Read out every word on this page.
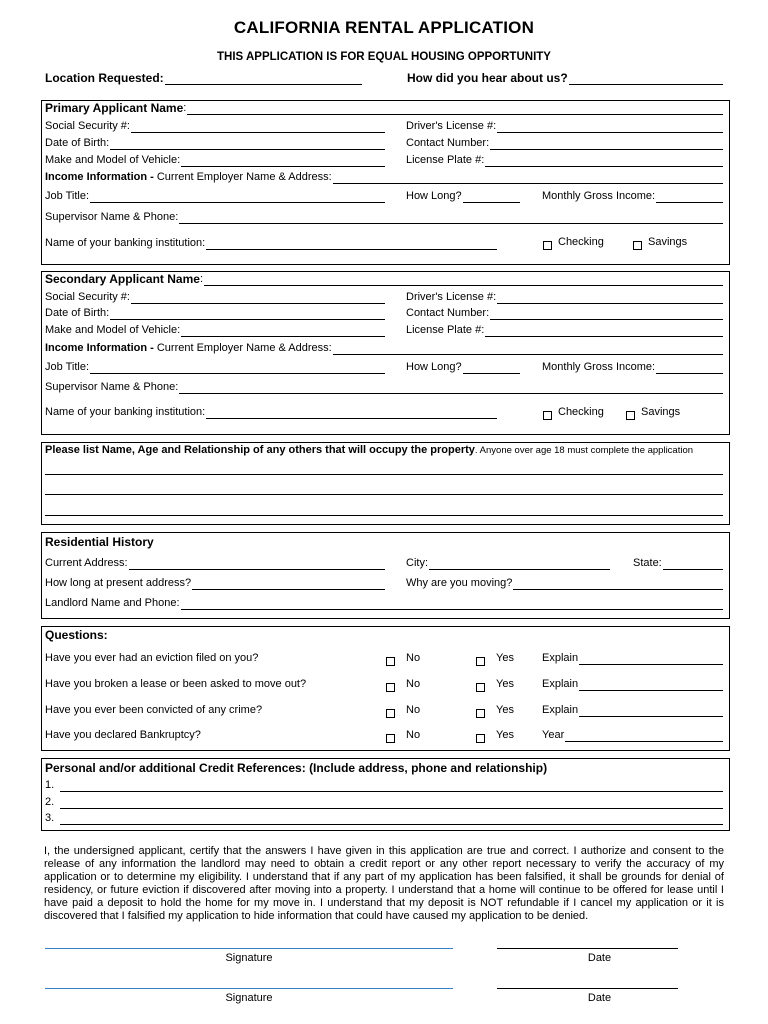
CALIFORNIA RENTAL APPLICATION
THIS APPLICATION IS FOR EQUAL HOUSING OPPORTUNITY
Location Requested:	How did you hear about us?
Primary Applicant Name :
Social Security #:	Driver's License #:
Date of Birth:	Contact Number:
Make and Model of Vehicle:	License Plate #:
Income Information -
Current Employer Name & Address:
Job Title:	How Long?	Monthly Gross Income:
Supervisor Name & Phone:
Name of your banking institution:	Checking	Savings
Secondary Applicant Name :
Social Security #:	Driver's License #:
Date of Birth:	Contact Number:
Make and Model of Vehicle:	License Plate #:
Income Information -
Current Employer Name & Address:
Job Title:	How Long?	Monthly Gross Income:
Supervisor Name & Phone:
Name of your banking institution:	Checking	Savings
Please list Name, Age and Relationship of any others that will occupy the property . Anyone over age 18 must complete the application
Residential History
Current Address:	City:	State:
How long at present address?	Why are you moving?
Landlord Name and Phone:
Questions:
Have you ever had an eviction filed on you?	No	Yes	Explain
Have you broken a lease or been asked to move out?	No	Yes	Explain
Have you ever been convicted of any crime?	No	Yes	Explain
Have you declared Bankruptcy?	No	Yes	Year
Personal and/or additional Credit References: (Include address, phone and relationship)
1.
2.
3.
I, the undersigned applicant, certify that the answers I have given in this application are true and correct. I authorize and consent to the release of any information the landlord may need to obtain a credit report or any other report necessary to verify the accuracy of my application or to determine my eligibility. I understand that if any part of my application has been falsified, it shall be grounds for denial of residency, or future eviction if discovered after moving into a property. I understand that a home will continue to be offered for lease until I have paid a deposit to hold the home for my move in. I understand that my deposit is NOT refundable if I cancel my application or it is discovered that I falsified my application to hide information that could have caused my application to be denied.
Signature	Date
Signature	Date
